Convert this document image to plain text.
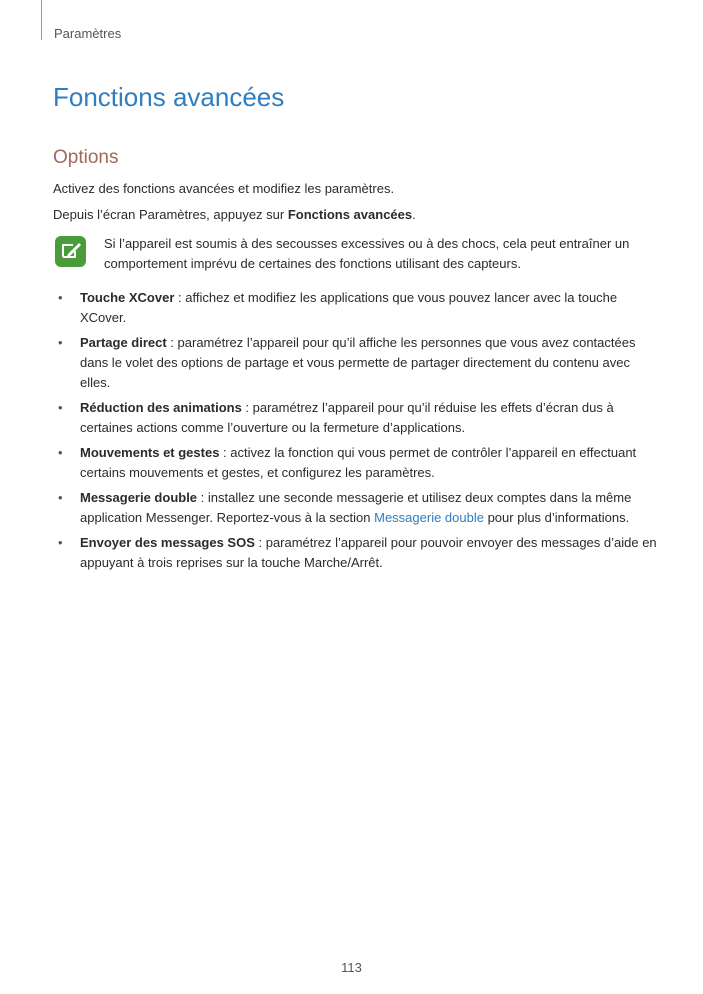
Paramètres
Fonctions avancées
Options

Activez des fonctions avancées et modifiez les paramètres.

Depuis l’écran Paramètres, appuyez sur Fonctions avancées.

Si l’appareil est soumis à des secousses excessives ou à des chocs, cela peut entraîner un comportement imprévu de certaines des fonctions utilisant des capteurs.

• Touche XCover : affichez et modifiez les applications que vous pouvez lancer avec la touche XCover.
• Partage direct : paramétrez l’appareil pour qu’il affiche les personnes que vous avez contactées dans le volet des options de partage et vous permette de partager directement du contenu avec elles.
• Réduction des animations : paramétrez l’appareil pour qu’il réduise les effets d’écran dus à certaines actions comme l’ouverture ou la fermeture d’applications.
• Mouvements et gestes : activez la fonction qui vous permet de contrôler l’appareil en effectuant certains mouvements et gestes, et configurez les paramètres.
• Messagerie double : installez une seconde messagerie et utilisez deux comptes dans la même application Messenger. Reportez-vous à la section Messagerie double pour plus d’informations.
• Envoyer des messages SOS : paramétrez l’appareil pour pouvoir envoyer des messages d’aide en appuyant à trois reprises sur la touche Marche/Arrêt.
113
